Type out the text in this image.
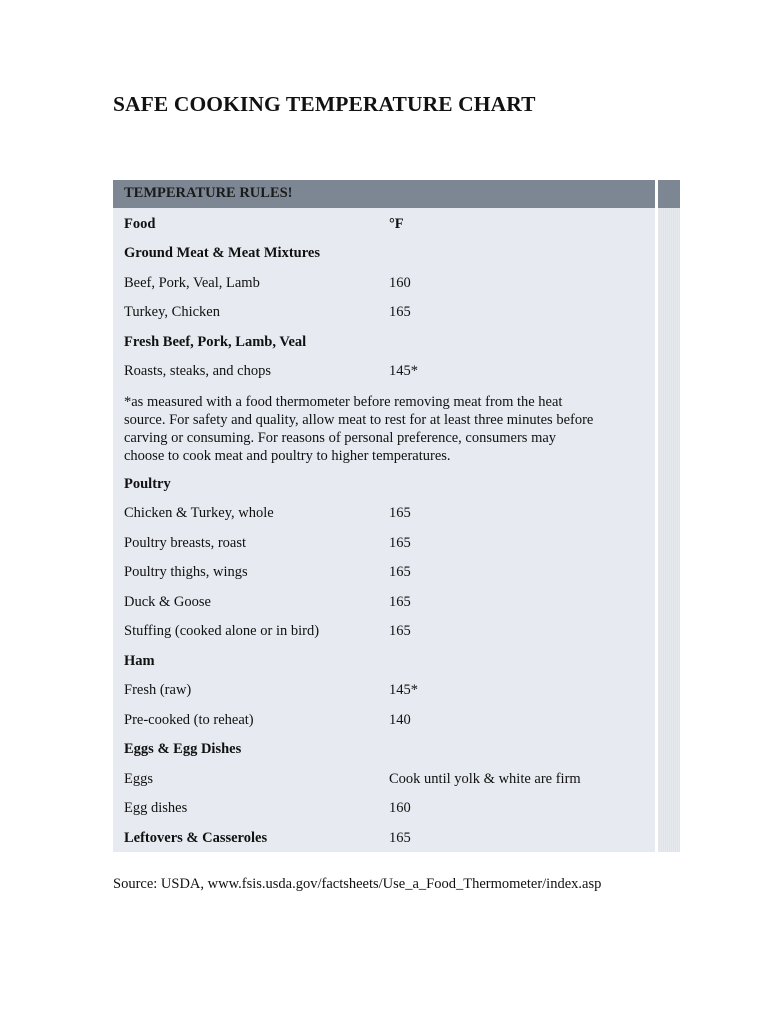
SAFE COOKING TEMPERATURE CHART
TEMPERATURE RULES!
Food	°F
Ground Meat & Meat Mixtures
Beef, Pork, Veal, Lamb	160
Turkey, Chicken	165
Fresh Beef, Pork, Lamb, Veal
Roasts, steaks, and chops	145*
*as measured with a food thermometer before removing meat from the heat source. For safety and quality, allow meat to rest for at least three minutes before carving or consuming. For reasons of personal preference, consumers may choose to cook meat and poultry to higher temperatures.
Poultry
Chicken & Turkey, whole	165
Poultry breasts, roast	165
Poultry thighs, wings	165
Duck & Goose	165
Stuffing (cooked alone or in bird)	165
Ham
Fresh (raw)	145*
Pre-cooked (to reheat)	140
Eggs & Egg Dishes
Eggs	Cook until yolk & white are firm
Egg dishes	160
Leftovers & Casseroles	165
Source: USDA, www.fsis.usda.gov/factsheets/Use_a_Food_Thermometer/index.asp
